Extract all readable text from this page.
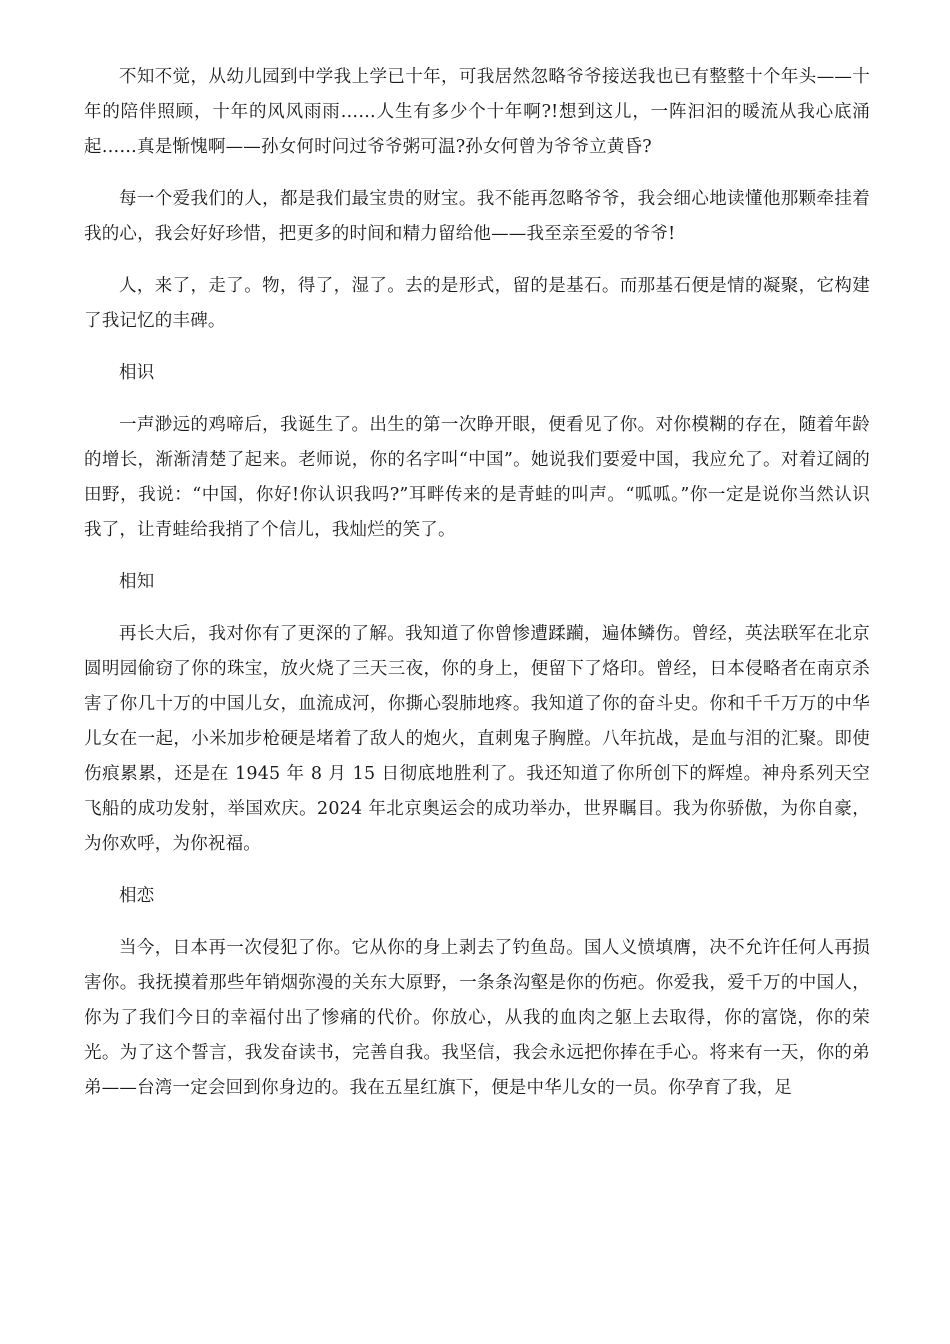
不知不觉，从幼儿园到中学我上学已十年，可我居然忽略爷爷接送我也已有整整十个年头——十年的陪伴照顾，十年的风风雨雨……人生有多少个十年啊?!想到这儿，一阵汩汩的暖流从我心底涌起……真是惭愧啊——孙女何时问过爷爷粥可温?孙女何曾为爷爷立黄昏?

每一个爱我们的人，都是我们最宝贵的财宝。我不能再忽略爷爷，我会细心地读懂他那颗牵挂着我的心，我会好好珍惜，把更多的时间和精力留给他——我至亲至爱的爷爷!

人，来了，走了。物，得了，湿了。去的是形式，留的是基石。而那基石便是情的凝聚，它构建了我记忆的丰碑。

相识

一声渺远的鸡啼后，我诞生了。出生的第一次睁开眼，便看见了你。对你模糊的存在，随着年龄的增长，渐渐清楚了起来。老师说，你的名字叫“中国”。她说我们要爱中国，我应允了。对着辽阔的田野，我说：“中国，你好!你认识我吗?”耳畔传来的是青蛙的叫声。“呱呱。”你一定是说你当然认识我了，让青蛙给我捎了个信儿，我灿烂的笑了。

相知

再长大后，我对你有了更深的了解。我知道了你曾惨遭蹂躏，遍体鳞伤。曾经，英法联军在北京圆明园偷窃了你的珠宝，放火烧了三天三夜，你的身上，便留下了烙印。曾经，日本侵略者在南京杀害了你几十万的中国儿女，血流成河，你撕心裂肺地疼。我知道了你的奋斗史。你和千千万万的中华儿女在一起，小米加步枪硬是堵着了敌人的炮火，直刺鬼子胸膛。八年抗战，是血与泪的汇聚。即使伤痕累累，还是在 1945 年 8 月 15 日彻底地胜利了。我还知道了你所创下的辉煌。神舟系列天空飞船的成功发射，举国欢庆。2024 年北京奥运会的成功举办，世界瞩目。我为你骄傲，为你自豪，为你欢呼，为你祝福。

相恋

当今，日本再一次侵犯了你。它从你的身上剥去了钓鱼岛。国人义愤填膺，决不允许任何人再损害你。我抚摸着那些年销烟弥漫的关东大原野，一条条沟壑是你的伤疤。你爱我，爱千万的中国人，你为了我们今日的幸福付出了惨痛的代价。你放心，从我的血肉之躯上去取得，你的富饶，你的荣光。为了这个誓言，我发奋读书，完善自我。我坚信，我会永远把你捧在手心。将来有一天，你的弟弟——台湾一定会回到你身边的。我在五星红旗下，便是中华儿女的一员。你孕育了我，足
